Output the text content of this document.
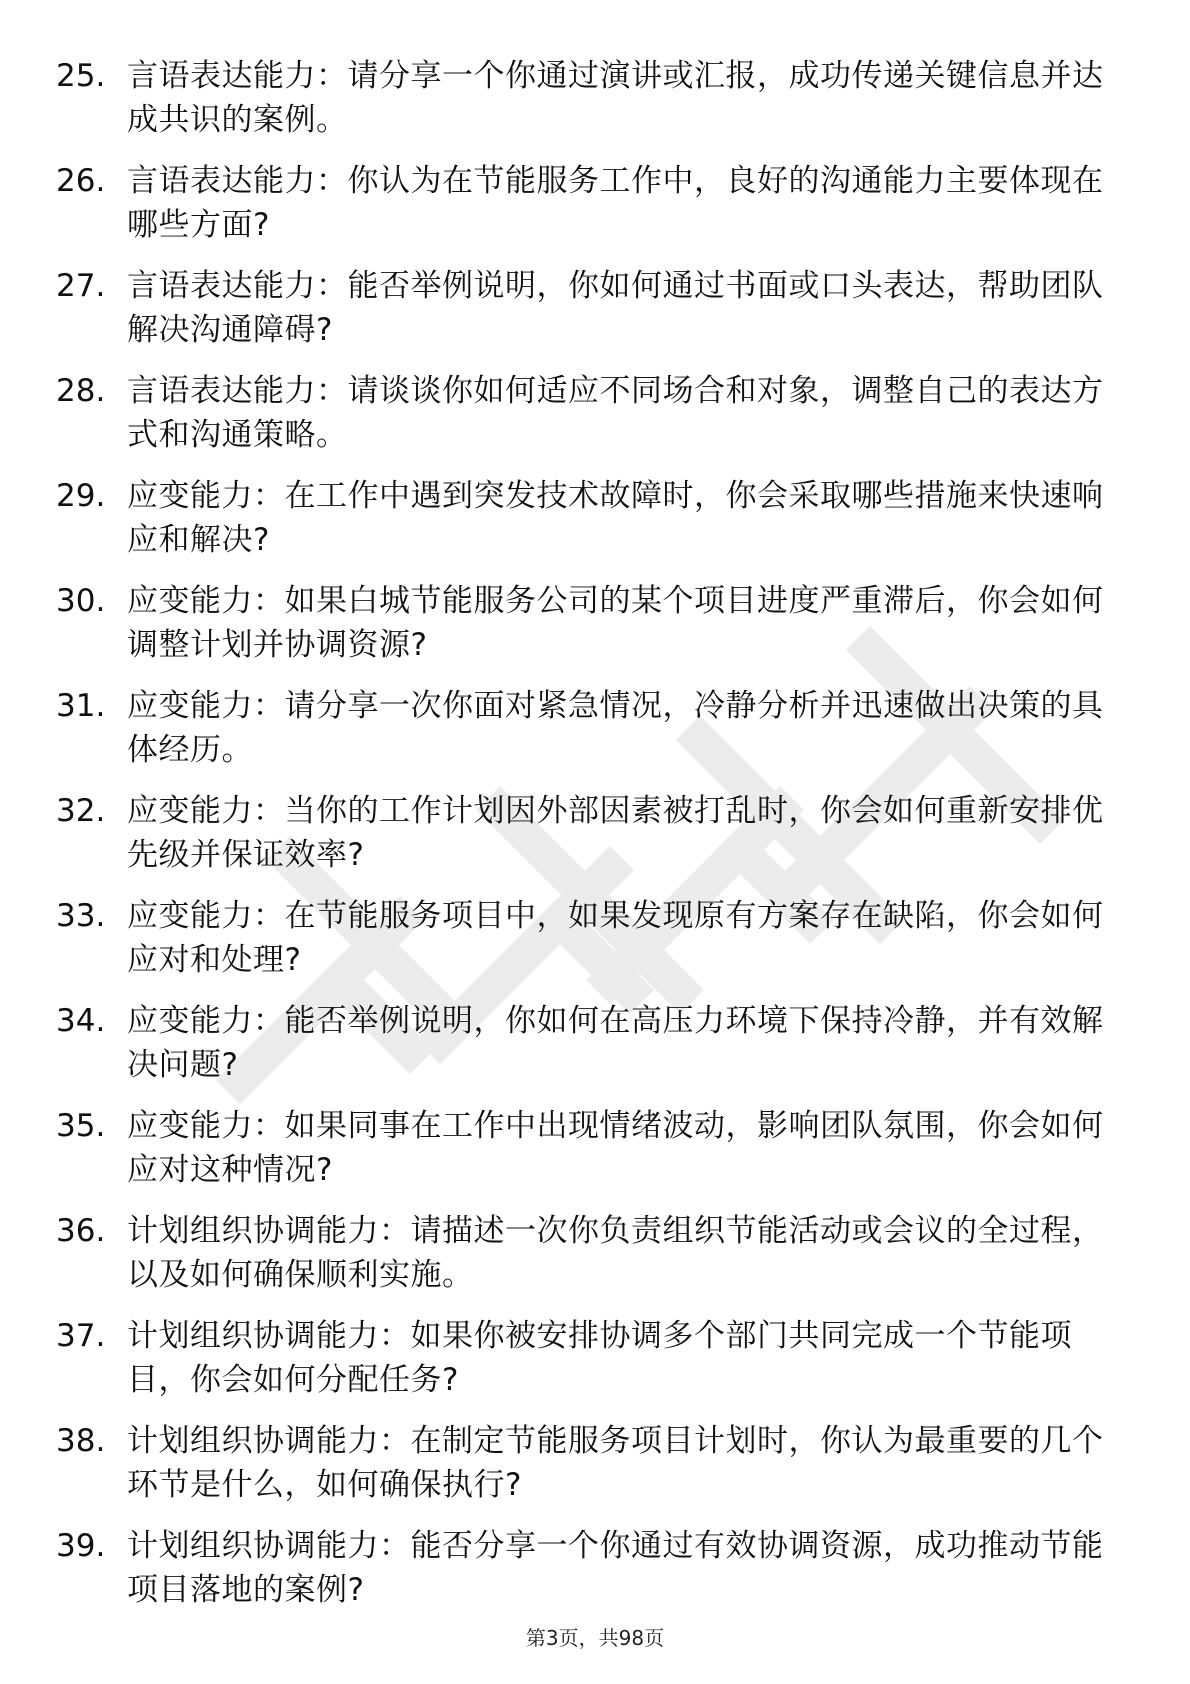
25. 言语表达能力：请分享一个你通过演讲或汇报，成功传递关键信息并达成共识的案例。
26. 言语表达能力：你认为在节能服务工作中，良好的沟通能力主要体现在哪些方面?
27. 言语表达能力：能否举例说明，你如何通过书面或口头表达，帮助团队解决沟通障碍?
28. 言语表达能力：请谈谈你如何适应不同场合和对象，调整自己的表达方式和沟通策略。
29. 应变能力：在工作中遇到突发技术故障时，你会采取哪些措施来快速响应和解决?
30. 应变能力：如果白城节能服务公司的某个项目进度严重滞后，你会如何调整计划并协调资源?
31. 应变能力：请分享一次你面对紧急情况，冷静分析并迅速做出决策的具体经历。
32. 应变能力：当你的工作计划因外部因素被打乱时，你会如何重新安排优先级并保证效率?
33. 应变能力：在节能服务项目中，如果发现原有方案存在缺陷，你会如何应对和处理?
34. 应变能力：能否举例说明，你如何在高压力环境下保持冷静，并有效解决问题?
35. 应变能力：如果同事在工作中出现情绪波动，影响团队氛围，你会如何应对这种情况?
36. 计划组织协调能力：请描述一次你负责组织节能活动或会议的全过程，以及如何确保顺利实施。
37. 计划组织协调能力：如果你被安排协调多个部门共同完成一个节能项目，你会如何分配任务?
38. 计划组织协调能力：在制定节能服务项目计划时，你认为最重要的几个环节是什么，如何确保执行?
39. 计划组织协调能力：能否分享一个你通过有效协调资源，成功推动节能项目落地的案例?
第3页，共98页
